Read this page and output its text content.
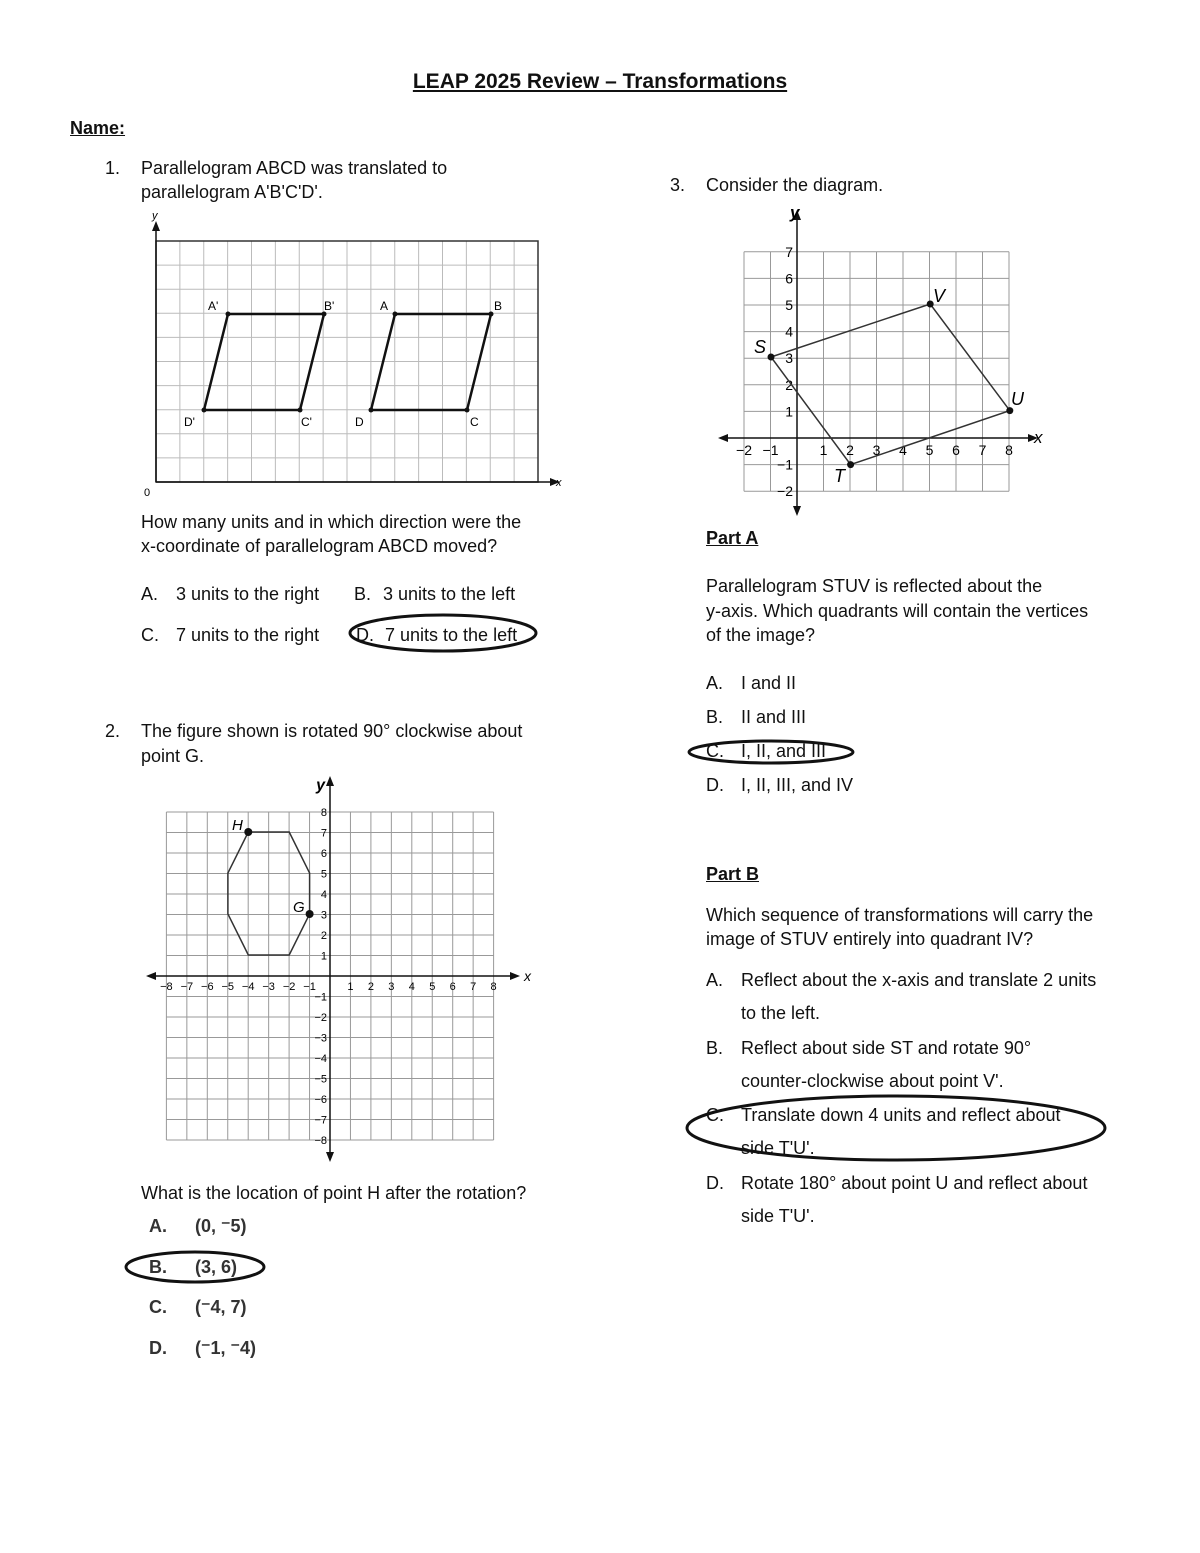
LEAP 2025 Review – Transformations
Name:
1. Parallelogram ABCD was translated to
parallelogram A'B'C'D'.
y
x
0
A'	B'
C'
D'
A	B
C
D
How many units and in which direction were the
x-coordinate of parallelogram ABCD moved?
A. 3 units to the right B. 3 units to the left
C. 7 units to the right D. 7 units to the left
2. The figure shown is rotated 90° clockwise about
point G.
y
x
−8 −7 −6 −5 −4 −3 −2 −1	1 2 3 4 5 6 7 8
8
7
6
5
4
3
2
1
−1
−2
−3
−4
−5
−6
−7
−8
H
G
What is the location of point H after the rotation?
A. (0, ⁻5)
B. (3, 6)
C. (⁻4, 7)
D. (⁻1, ⁻4)
3. Consider the diagram.
y
x
−2 −1	1 2 3 4 5 6 7 8
7
6
5
4
3
2
1
−1
−2
S
V
U
T
Part A
Parallelogram STUV is reflected about the
y-axis. Which quadrants will contain the vertices
of the image?
A. I and II
B. II and III
C. I, II, and III
D. I, II, III, and IV
Part B
Which sequence of transformations will carry the
image of STUV entirely into quadrant IV?
A. Reflect about the x-axis and translate 2 units
to the left.
B. Reflect about side ST and rotate 90°
counter-clockwise about point V'.
C. Translate down 4 units and reflect about
side T'U'.
D. Rotate 180° about point U and reflect about
side T'U'.
